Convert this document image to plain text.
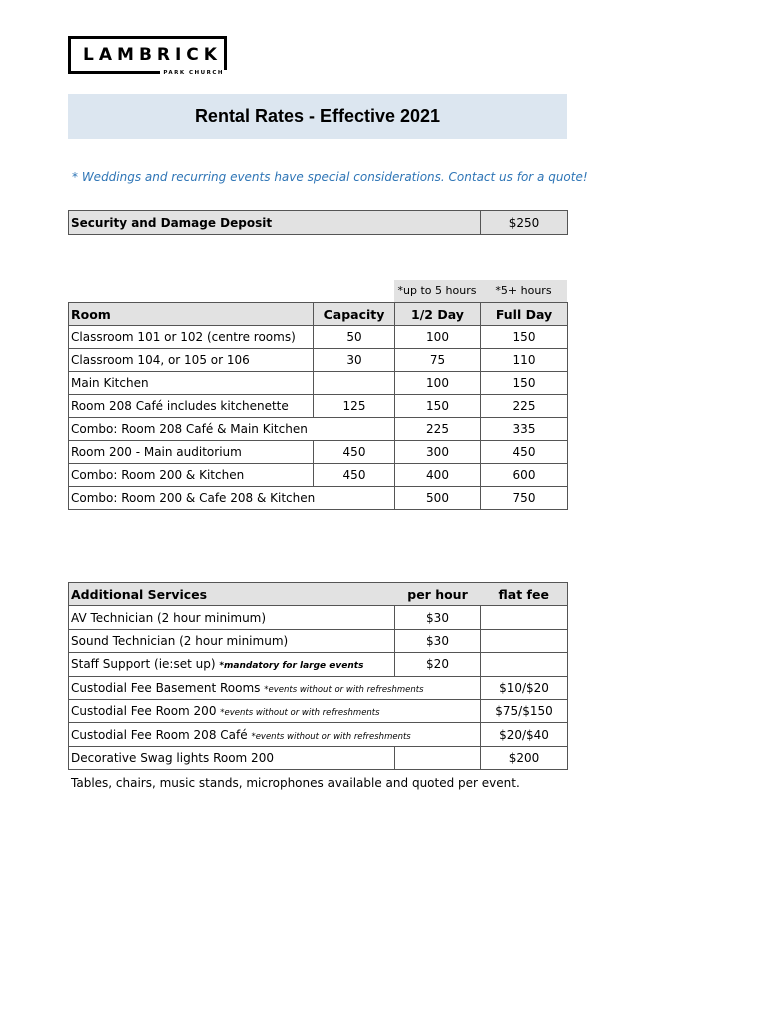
LAMBRICK
PARK CHURCH
Rental Rates - Effective 2021
* Weddings and recurring events have special considerations. Contact us for a quote!
Security and Damage Deposit	$250
*up to 5 hours	*5+ hours
Room	Capacity	1/2 Day	Full Day
Classroom 101 or 102 (centre rooms)	50	100	150
Classroom 104, or 105 or 106	30	75	110
Main Kitchen		100	150
Room 208 Café includes kitchenette	125	150	225
Combo: Room 208 Café & Main Kitchen		225	335
Room 200 - Main auditorium	450	300	450
Combo: Room 200 & Kitchen	450	400	600
Combo: Room 200 & Cafe 208 & Kitchen		500	750
Additional Services	per hour	flat fee
AV Technician (2 hour minimum)	$30	
Sound Technician (2 hour minimum)	$30	
Staff Support (ie:set up) *mandatory for large events	$20	
Custodial Fee Basement Rooms *events without or with refreshments		$10/$20
Custodial Fee Room 200 *events without or with refreshments		$75/$150
Custodial Fee Room 208 Café *events without or with refreshments		$20/$40
Decorative Swag lights Room 200		$200
Tables, chairs, music stands, microphones available and quoted per event.
